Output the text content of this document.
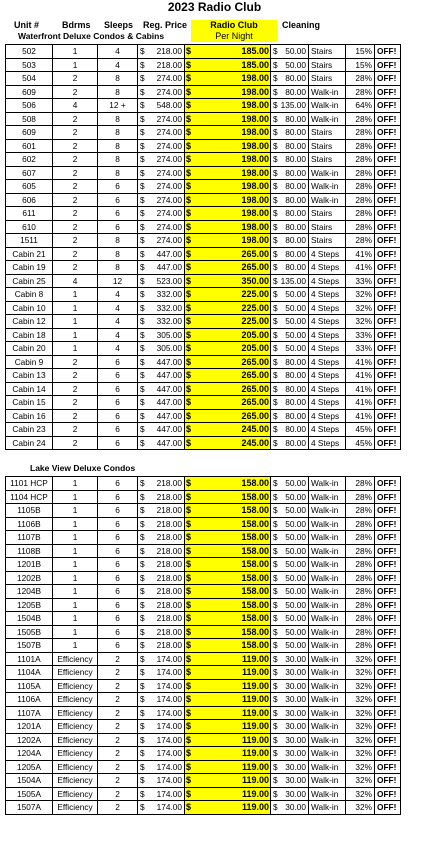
2023 Radio Club
Unit #	Bdrms Sleeps Reg. Price	Radio Club	Cleaning
Waterfront Deluxe Condos & Cabins	Per Night
502	1	4	$ 218.00	$ 185.00	$ 50.00	Stairs	15%	OFF!
503	1	4	$ 218.00	$ 185.00	$ 50.00	Stairs	15%	OFF!
504	2	8	$ 274.00	$ 198.00	$ 80.00	Stairs	28%	OFF!
609	2	8	$ 274.00	$ 198.00	$ 80.00	Walk-in	28%	OFF!
506	4	12 +	$ 548.00	$ 198.00	$ 135.00	Walk-in	64%	OFF!
508	2	8	$ 274.00	$ 198.00	$ 80.00	Walk-in	28%	OFF!
609	2	8	$ 274.00	$ 198.00	$ 80.00	Stairs	28%	OFF!
601	2	8	$ 274.00	$ 198.00	$ 80.00	Stairs	28%	OFF!
602	2	8	$ 274.00	$ 198.00	$ 80.00	Stairs	28%	OFF!
607	2	8	$ 274.00	$ 198.00	$ 80.00	Walk-in	28%	OFF!
605	2	6	$ 274.00	$ 198.00	$ 80.00	Walk-in	28%	OFF!
606	2	6	$ 274.00	$ 198.00	$ 80.00	Walk-in	28%	OFF!
611	2	6	$ 274.00	$ 198.00	$ 80.00	Stairs	28%	OFF!
610	2	6	$ 274.00	$ 198.00	$ 80.00	Stairs	28%	OFF!
1511	2	8	$ 274.00	$ 198.00	$ 80.00	Stairs	28%	OFF!
Cabin 21	2	8	$ 447.00	$ 265.00	$ 80.00	4 Steps	41%	OFF!
Cabin 19	2	8	$ 447.00	$ 265.00	$ 80.00	4 Steps	41%	OFF!
Cabin 25	4	12	$ 523.00	$ 350.00	$ 135.00	4 Steps	33%	OFF!
Cabin 8	1	4	$ 332.00	$ 225.00	$ 50.00	4 Steps	32%	OFF!
Cabin 10	1	4	$ 332.00	$ 225.00	$ 50.00	4 Steps	32%	OFF!
Cabin 12	1	4	$ 332.00	$ 225.00	$ 50.00	4 Steps	32%	OFF!
Cabin 18	1	4	$ 305.00	$ 205.00	$ 50.00	4 Steps	33%	OFF!
Cabin 20	1	4	$ 305.00	$ 205.00	$ 50.00	4 Steps	33%	OFF!
Cabin 9	2	6	$ 447.00	$ 265.00	$ 80.00	4 Steps	41%	OFF!
Cabin 13	2	6	$ 447.00	$ 265.00	$ 80.00	4 Steps	41%	OFF!
Cabin 14	2	6	$ 447.00	$ 265.00	$ 80.00	4 Steps	41%	OFF!
Cabin 15	2	6	$ 447.00	$ 265.00	$ 80.00	4 Steps	41%	OFF!
Cabin 16	2	6	$ 447.00	$ 265.00	$ 80.00	4 Steps	41%	OFF!
Cabin 23	2	6	$ 447.00	$ 245.00	$ 80.00	4 Steps	45%	OFF!
Cabin 24	2	6	$ 447.00	$ 245.00	$ 80.00	4 Steps	45%	OFF!
Lake View Deluxe Condos
1101 HCP	1	6	$ 218.00	$ 158.00	$ 50.00	Walk-in	28%	OFF!
1104 HCP	1	6	$ 218.00	$ 158.00	$ 50.00	Walk-in	28%	OFF!
1105B	1	6	$ 218.00	$ 158.00	$ 50.00	Walk-in	28%	OFF!
1106B	1	6	$ 218.00	$ 158.00	$ 50.00	Walk-in	28%	OFF!
1107B	1	6	$ 218.00	$ 158.00	$ 50.00	Walk-in	28%	OFF!
1108B	1	6	$ 218.00	$ 158.00	$ 50.00	Walk-in	28%	OFF!
1201B	1	6	$ 218.00	$ 158.00	$ 50.00	Walk-in	28%	OFF!
1202B	1	6	$ 218.00	$ 158.00	$ 50.00	Walk-in	28%	OFF!
1204B	1	6	$ 218.00	$ 158.00	$ 50.00	Walk-in	28%	OFF!
1205B	1	6	$ 218.00	$ 158.00	$ 50.00	Walk-in	28%	OFF!
1504B	1	6	$ 218.00	$ 158.00	$ 50.00	Walk-in	28%	OFF!
1505B	1	6	$ 218.00	$ 158.00	$ 50.00	Walk-in	28%	OFF!
1507B	1	6	$ 218.00	$ 158.00	$ 50.00	Walk-in	28%	OFF!
1101A	Efficiency	2	$ 174.00	$ 119.00	$ 30.00	Walk-in	32%	OFF!
1104A	Efficiency	2	$ 174.00	$ 119.00	$ 30.00	Walk-in	32%	OFF!
1105A	Efficiency	2	$ 174.00	$ 119.00	$ 30.00	Walk-in	32%	OFF!
1106A	Efficiency	2	$ 174.00	$ 119.00	$ 30.00	Walk-in	32%	OFF!
1107A	Efficiency	2	$ 174.00	$ 119.00	$ 30.00	Walk-in	32%	OFF!
1201A	Efficiency	2	$ 174.00	$ 119.00	$ 30.00	Walk-in	32%	OFF!
1202A	Efficiency	2	$ 174.00	$ 119.00	$ 30.00	Walk-in	32%	OFF!
1204A	Efficiency	2	$ 174.00	$ 119.00	$ 30.00	Walk-in	32%	OFF!
1205A	Efficiency	2	$ 174.00	$ 119.00	$ 30.00	Walk-in	32%	OFF!
1504A	Efficiency	2	$ 174.00	$ 119.00	$ 30.00	Walk-in	32%	OFF!
1505A	Efficiency	2	$ 174.00	$ 119.00	$ 30.00	Walk-in	32%	OFF!
1507A	Efficiency	2	$ 174.00	$ 119.00	$ 30.00	Walk-in	32%	OFF!
